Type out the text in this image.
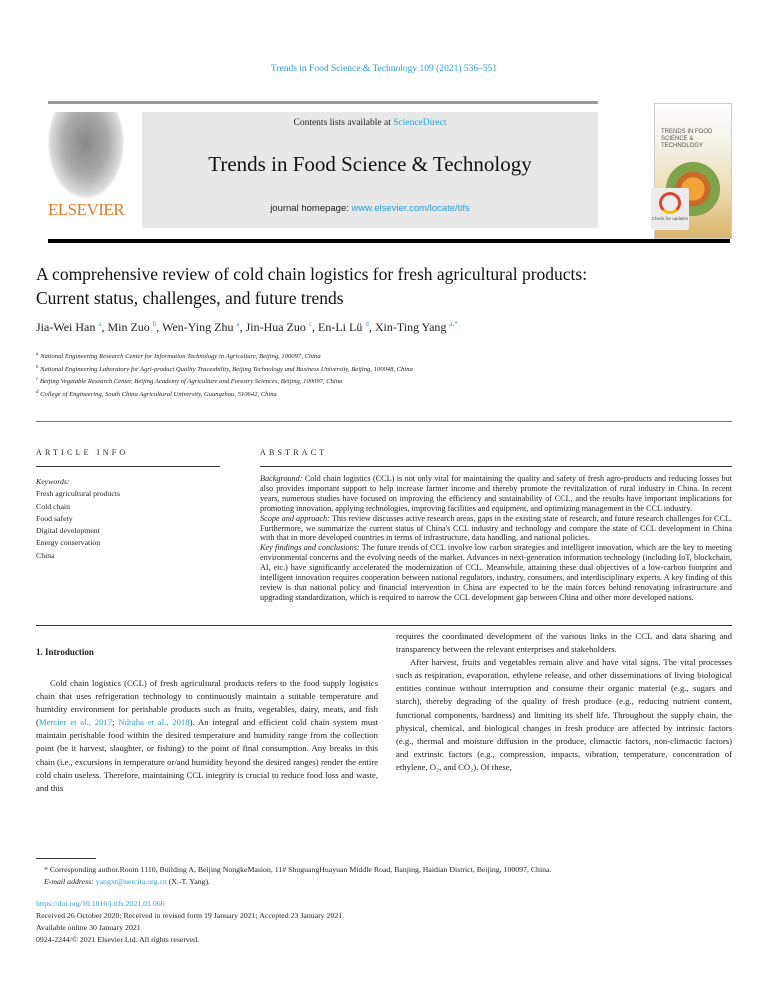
Trends in Food Science & Technology 109 (2021) 536–551
ELSEVIER
Contents lists available at ScienceDirect
Trends in Food Science & Technology
journal homepage: www.elsevier.com/locate/tifs
TRENDS IN FOOD SCIENCE & TECHNOLOGY
Check for updates
A comprehensive review of cold chain logistics for fresh agricultural products: Current status, challenges, and future trends
Jia-Wei Han $^a$, Min Zuo $^b$, Wen-Ying Zhu $^a$, Jin-Hua Zuo $^c$, En-Li Lü $^d$, Xin-Ting Yang $^{a,*}$
$^a$ National Engineering Research Center for Information Technology in Agriculture, Beijing, 100097, China
$^b$ National Engineering Laboratory for Agri-product Quality Traceability, Beijing Technology and Business University, Beijing, 100048, China
$^c$ Beijing Vegetable Research Center, Beijing Academy of Agriculture and Forestry Sciences, Beijing, 100097, China
$^d$ College of Engineering, South China Agricultural University, Guangzhou, 510642, China
ARTICLE INFO	ABSTRACT
Keywords:
Fresh agricultural products
Cold chain
Food safety
Digital development
Energy conservation
China
Background: Cold chain logistics (CCL) is not only vital for maintaining the quality and safety of fresh agro-products and reducing losses but also provides important support to help increase farmer income and thereby promote the revitalization of rural industry in China. In recent years, numerous studies have focused on improving the efficiency and sustainability of CCL, and the results have important implications for promoting innovation, applying technologies, improving facilities and equipment, and optimizing management in the CCL industry.
Scope and approach: This review discusses active research areas, gaps in the existing state of research, and future research challenges for CCL. Furthermore, we summarize the current status of China's CCL industry and technology and compare the state of CCL development in China with that in more developed countries in terms of infrastructure, data handling, and national policies.
Key findings and conclusions: The future trends of CCL involve low carbon strategies and intelligent innovation, which are the key to meeting environmental concerns and the evolving needs of the market. Advances in next-generation information technology (including IoT, blockchain, AI, etc.) have significantly accelerated the modernization of CCL. Meanwhile, attaining these dual objectives of a low-carbon footprint and intelligent innovation requires cooperation between national regulators, industry, consumers, and interdisciplinary experts. A key finding of this review is that national policy and financial intervention in China are expected to be the main forces behind renovating infrastructure and upgrading standardization, which is required to narrow the CCL development gap between China and other more developed nations.
1. Introduction
Cold chain logistics (CCL) of fresh agricultural products refers to the food supply logistics chain that uses refrigeration technology to continuously maintain a suitable temperature and humidity environment for perishable products such as fruits, vegetables, dairy, meats, and fish (Mercier et al., 2017; Ndraha et al., 2018). An integral and efficient cold chain system must maintain perishable food within the desired temperature and humidity range from the collection point (be it harvest, slaughter, or fishing) to the point of final consumption. Any breaks in this chain (i.e., excursions in temperature or/and humidity beyond the desired ranges) render the entire cold chain useless. Therefore, maintaining CCL integrity is crucial to reduce food loss and waste, and this

requires the coordinated development of the various links in the CCL and data sharing and transparency between the relevant enterprises and stakeholders.

After harvest, fruits and vegetables remain alive and have vital signs. The vital processes such as respiration, evaporation, ethylene release, and other disseminations of living biological entities continue without interruption and consume their organic material (e.g., sugars and starch), thereby degrading of the quality of fresh produce (e.g., reducing nutrient content, functional components, hardness) and limiting its shelf life. Throughout the supply chain, the physical, chemical, and biological changes in fresh produce are affected by intrinsic factors (e.g., thermal and moisture diffusion in the produce, climactic factors, non-climactic factors) and extrinsic factors (e.g., compression, impacts, vibration, temperature, concentration of ethylene, O₂, and CO₂). Of these,

* Corresponding author.Room 1110, Building A, Beijing NongkeMasion, 11# ShuguangHuayuan Middle Road, Banjing, Haidian District, Beijing, 100097, China.
E-mail address: yangxt@nercita.org.cn (X.-T. Yang).
https://doi.org/10.1016/j.tifs.2021.01.066
Received 26 October 2020; Received in revised form 19 January 2021; Accepted 23 January 2021
Available online 30 January 2021
0924-2244/© 2021 Elsevier Ltd. All rights reserved.
